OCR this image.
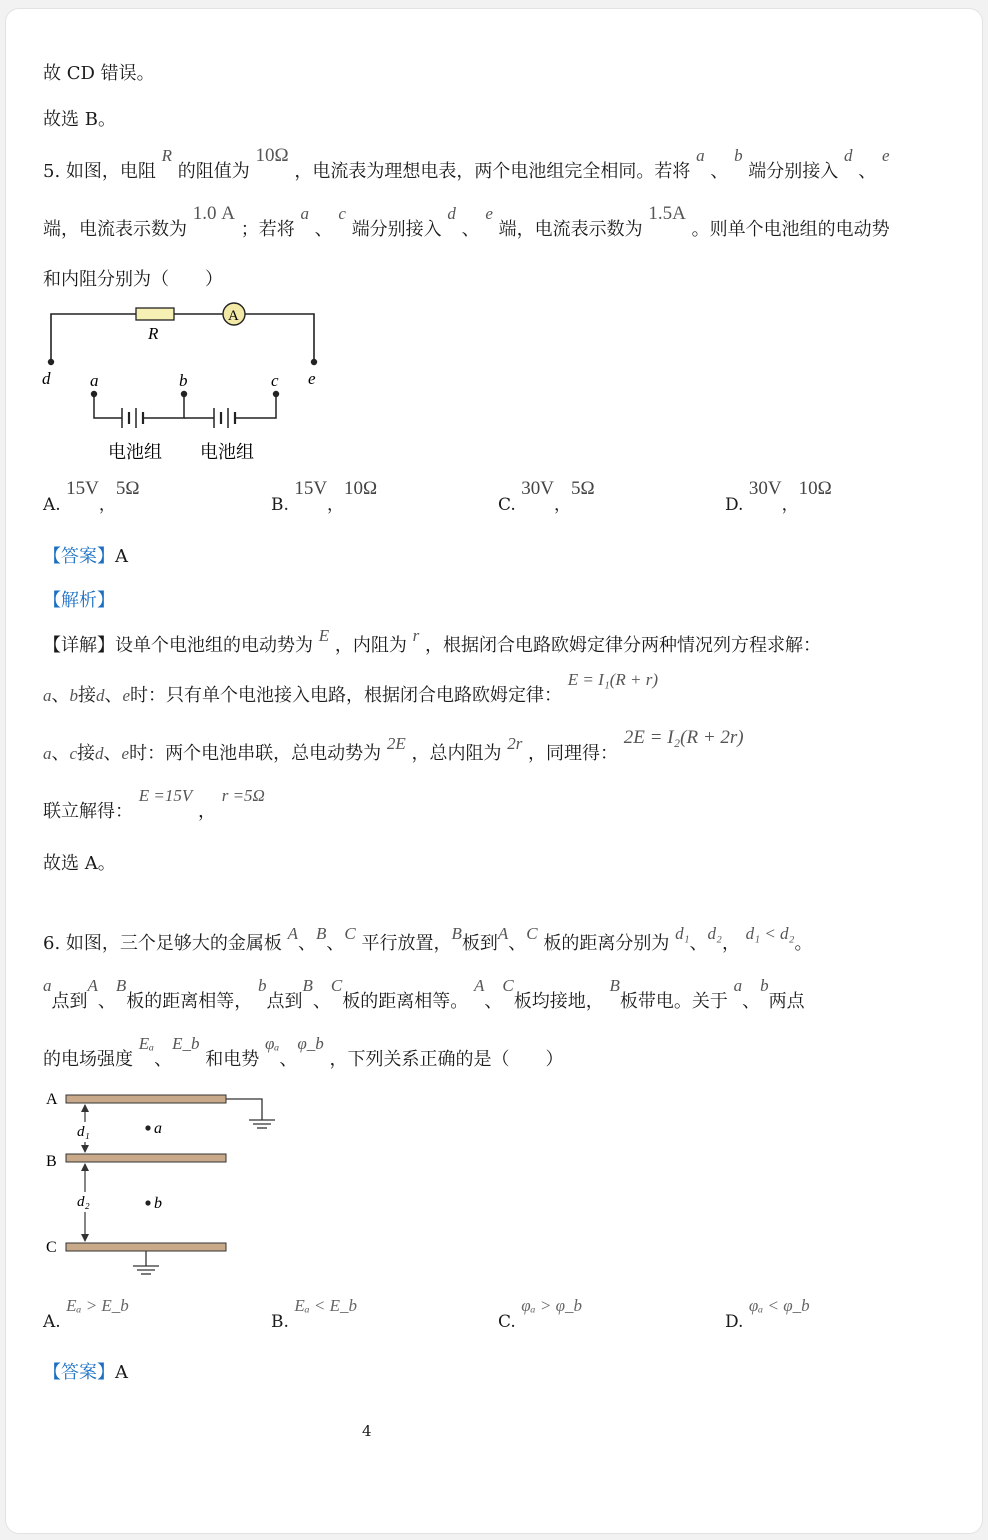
故 CD 错误。
故选 B。
5. 如图，电阻 R 的阻值为 10Ω ，电流表为理想电表，两个电池组完全相同。若将 a 、 b 端分别接入 d 、 e
端，电流表示数为 1.0 A ；若将 a 、 c 端分别接入 d 、 e 端，电流表示数为 1.5A 。则单个电池组的电动势
和内阻分别为（　　）
R
A
d	e
a	b	c
电池组 电池组
A. 15V，5Ω
B. 15V，10Ω
C. 30V，5Ω
D. 30V，10Ω
【答案】A
【解析】
【详解】设单个电池组的电动势为 E ，内阻为 r ，根据闭合电路欧姆定律分两种情况列方程求解：
a、b接d、e时：只有单个电池接入电路，根据闭合电路欧姆定律： E = I₁(R + r)
a、c接d、e时：两个电池串联，总电动势为 2E ，总内阻为 2r ，同理得： 2E = I₂(R + 2r)
联立解得： E =15V ， r =5Ω
故选 A。
6. 如图，三个足够大的金属板 A、B、C 平行放置，B板到A、C 板的距离分别为 d₁、d₂， d₁ < d₂。
a点到A、B板的距离相等， b点到B、C板的距离相等。 A、C板均接地， B板带电。关于 a、b两点
的电场强度 Eₐ、E_b 和电势 φₐ、φ_b ，下列关系正确的是（　　）
A
B
C
d₁
d₂
a
b
A. Eₐ > E_b
B. Eₐ < E_b
C. φₐ > φ_b
D. φₐ < φ_b
【答案】A
4
